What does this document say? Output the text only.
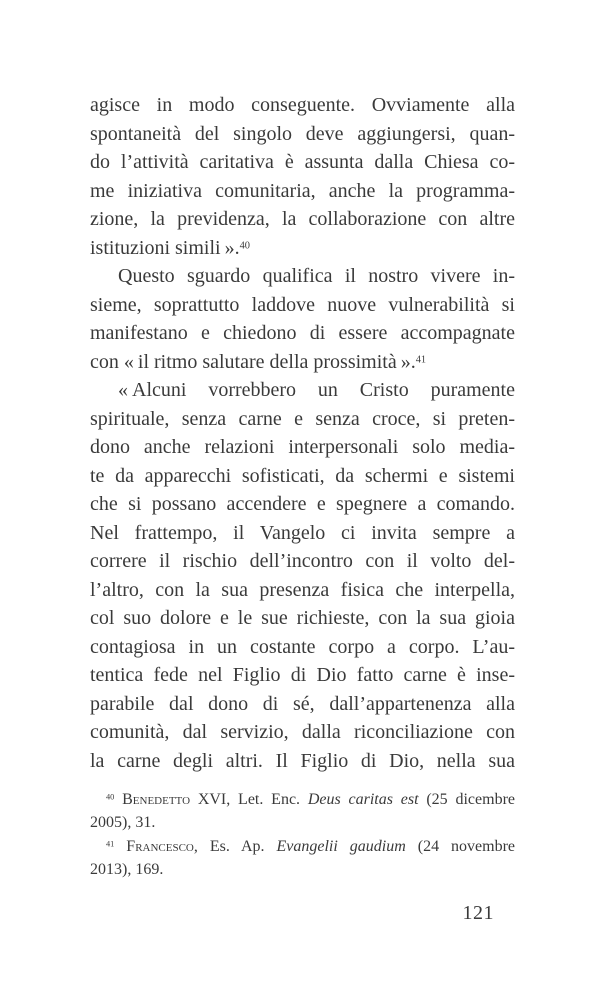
agisce in modo conseguente. Ovviamente alla
spontaneità del singolo deve aggiungersi, quan-
do l’attività caritativa è assunta dalla Chiesa co-
me iniziativa comunitaria, anche la programma-
zione, la previdenza, la collaborazione con altre
istituzioni simili ».$^{40}$
Questo sguardo qualifica il nostro vivere in-
sieme, soprattutto laddove nuove vulnerabilità si
manifestano e chiedono di essere accompagnate
con « il ritmo salutare della prossimità ».$^{41}$
« Alcuni vorrebbero un Cristo puramente
spirituale, senza carne e senza croce, si preten-
dono anche relazioni interpersonali solo media-
te da apparecchi sofisticati, da schermi e sistemi
che si possano accendere e spegnere a comando.
Nel frattempo, il Vangelo ci invita sempre a
correre il rischio dell’incontro con il volto del-
l’altro, con la sua presenza fisica che interpella,
col suo dolore e le sue richieste, con la sua gioia
contagiosa in un costante corpo a corpo. L’au-
tentica fede nel Figlio di Dio fatto carne è inse-
parabile dal dono di sé, dall’appartenenza alla
comunità, dal servizio, dalla riconciliazione con
la carne degli altri. Il Figlio di Dio, nella sua
$^{40}$ Benedetto XVI, Let. Enc. Deus caritas est (25 dicembre
2005), 31.
$^{41}$ Francesco, Es. Ap. Evangelii gaudium (24 novembre
2013), 169.
121
